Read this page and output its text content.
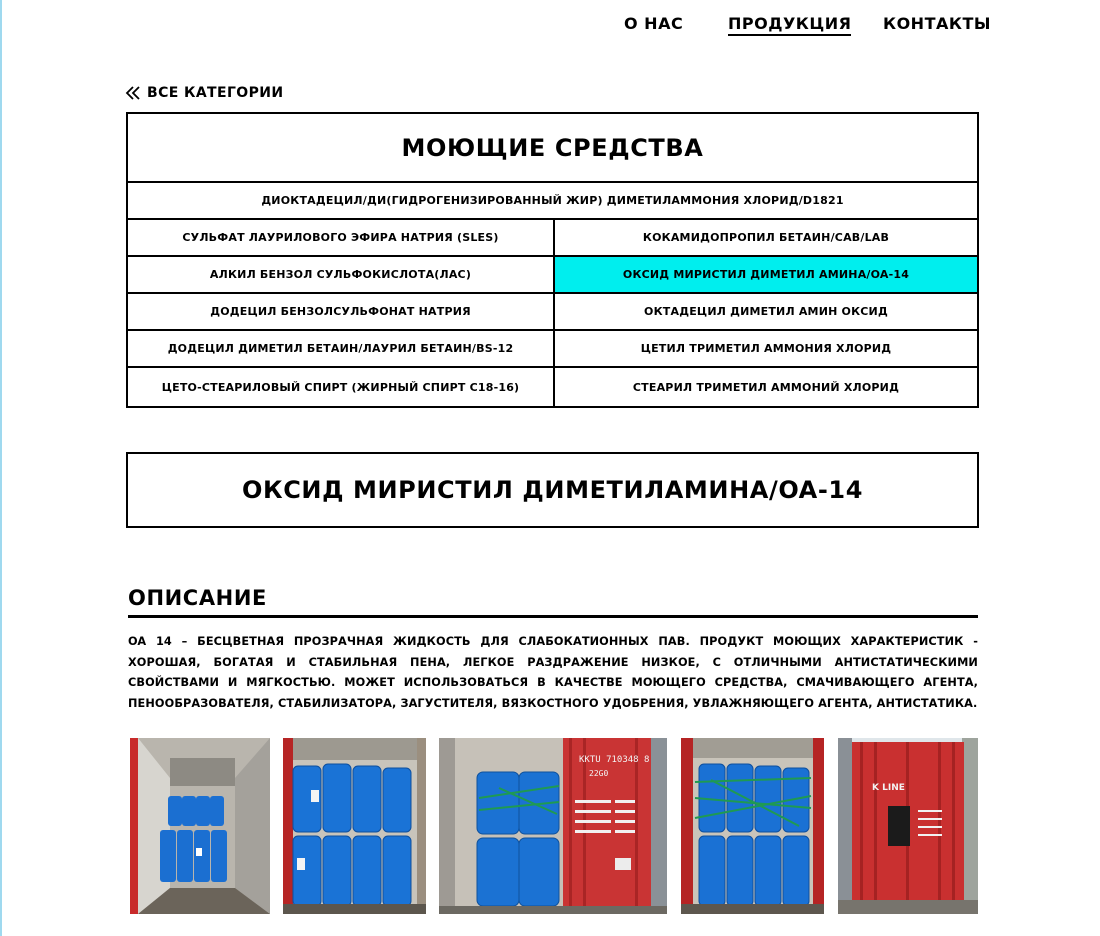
О НАС	ПРОДУКЦИЯ КОНТАКТЫ
ВСЕ КАТЕГОРИИ
МОЮЩИЕ СРЕДСТВА
ДИОКТАДЕЦИЛ/ДИ(ГИДРОГЕНИЗИРОВАННЫЙ ЖИР) ДИМЕТИЛАММОНИЯ ХЛОРИД/D1821
СУЛЬФАТ ЛАУРИЛОВОГО ЭФИРА НАТРИЯ (SLES)	КОКАМИДОПРОПИЛ БЕТАИН/CAB/LAB
АЛКИЛ БЕНЗОЛ СУЛЬФОКИСЛОТА(ЛАС)	ОКСИД МИРИСТИЛ ДИМЕТИЛ АМИНА/OA-14
ДОДЕЦИЛ БЕНЗОЛСУЛЬФОНАТ НАТРИЯ	ОКТАДЕЦИЛ ДИМЕТИЛ АМИН ОКСИД
ДОДЕЦИЛ ДИМЕТИЛ БЕТАИН/ЛАУРИЛ БЕТАИН/BS-12	ЦЕТИЛ ТРИМЕТИЛ АММОНИЯ ХЛОРИД
ЦЕТО-СТЕАРИЛОВЫЙ СПИРТ (ЖИРНЫЙ СПИРТ C18-16)	СТЕАРИЛ ТРИМЕТИЛ АММОНИЙ ХЛОРИД
ОКСИД МИРИСТИЛ ДИМЕТИЛАМИНА/OA-14
ОПИСАНИЕ
OA 14 – БЕСЦВЕТНАЯ ПРОЗРАЧНАЯ ЖИДКОСТЬ ДЛЯ СЛАБОКАТИОННЫХ ПАВ. ПРОДУКТ МОЮЩИХ ХАРАКТЕРИСТИК - ХОРОШАЯ, БОГАТАЯ И СТАБИЛЬНАЯ ПЕНА, ЛЕГКОЕ РАЗДРАЖЕНИЕ НИЗКОЕ, С ОТЛИЧНЫМИ АНТИСТАТИЧЕСКИМИ СВОЙСТВАМИ И МЯГКОСТЬЮ. МОЖЕТ ИСПОЛЬЗОВАТЬСЯ В КАЧЕСТВЕ МОЮЩЕГО СРЕДСТВА, СМАЧИВАЮЩЕГО АГЕНТА, ПЕНООБРАЗОВАТЕЛЯ, СТАБИЛИЗАТОРА, ЗАГУСТИТЕЛЯ, ВЯЗКОСТНОГО УДОБРЕНИЯ, УВЛАЖНЯЮЩЕГО АГЕНТА, АНТИСТАТИКА.
KKTU 710348 8
22G0
K LINE
